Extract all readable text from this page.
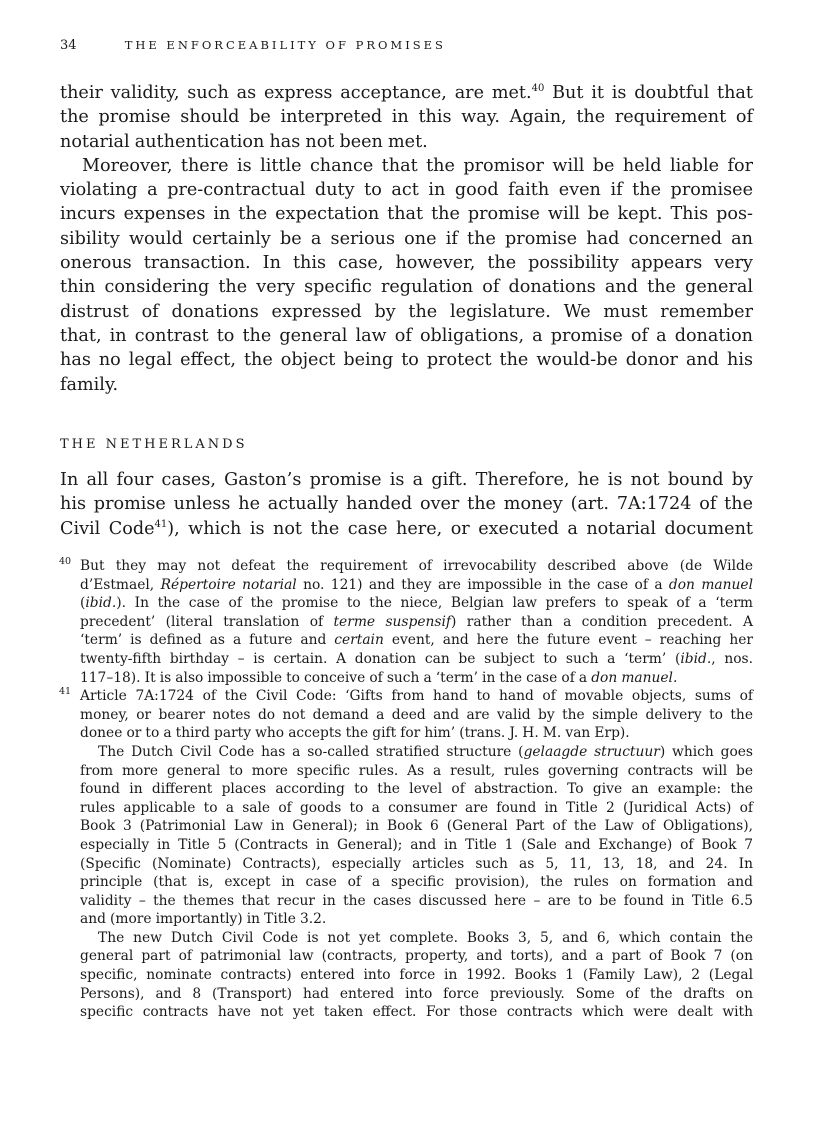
34	THE ENFORCEABILITY OF PROMISES
their validity, such as express acceptance, are met.$^{40}$ But it is doubtful that
the promise should be interpreted in this way. Again, the requirement of
notarial authentication has not been met.
Moreover, there is little chance that the promisor will be held liable for
violating a pre-contractual duty to act in good faith even if the promisee
incurs expenses in the expectation that the promise will be kept. This pos-
sibility would certainly be a serious one if the promise had concerned an
onerous transaction. In this case, however, the possibility appears very
thin considering the very specific regulation of donations and the general
distrust of donations expressed by the legislature. We must remember
that, in contrast to the general law of obligations, a promise of a donation
has no legal effect, the object being to protect the would-be donor and his
family.
THE NETHERLANDS
In all four cases, Gaston’s promise is a gift. Therefore, he is not bound by
his promise unless he actually handed over the money (art. 7A:1724 of the
Civil Code$^{41}$), which is not the case here, or executed a notarial document
40 But they may not defeat the requirement of irrevocability described above (de Wilde
d’Estmael, Répertoire notarial no. 121) and they are impossible in the case of a don manuel
(ibid.). In the case of the promise to the niece, Belgian law prefers to speak of a ‘term
precedent’ (literal translation of terme suspensif) rather than a condition precedent. A
‘term’ is defined as a future and certain event, and here the future event – reaching her
twenty-fifth birthday – is certain. A donation can be subject to such a ‘term’ (ibid., nos.
117–18). It is also impossible to conceive of such a ‘term’ in the case of a don manuel.
41 Article 7A:1724 of the Civil Code: ‘Gifts from hand to hand of movable objects, sums of
money, or bearer notes do not demand a deed and are valid by the simple delivery to the
donee or to a third party who accepts the gift for him’ (trans. J. H. M. van Erp).
The Dutch Civil Code has a so-called stratified structure (gelaagde structuur) which goes
from more general to more specific rules. As a result, rules governing contracts will be
found in different places according to the level of abstraction. To give an example: the
rules applicable to a sale of goods to a consumer are found in Title 2 (Juridical Acts) of
Book 3 (Patrimonial Law in General); in Book 6 (General Part of the Law of Obligations),
especially in Title 5 (Contracts in General); and in Title 1 (Sale and Exchange) of Book 7
(Specific (Nominate) Contracts), especially articles such as 5, 11, 13, 18, and 24. In
principle (that is, except in case of a specific provision), the rules on formation and
validity – the themes that recur in the cases discussed here – are to be found in Title 6.5
and (more importantly) in Title 3.2.
The new Dutch Civil Code is not yet complete. Books 3, 5, and 6, which contain the
general part of patrimonial law (contracts, property, and torts), and a part of Book 7 (on
specific, nominate contracts) entered into force in 1992. Books 1 (Family Law), 2 (Legal
Persons), and 8 (Transport) had entered into force previously. Some of the drafts on
specific contracts have not yet taken effect. For those contracts which were dealt with
